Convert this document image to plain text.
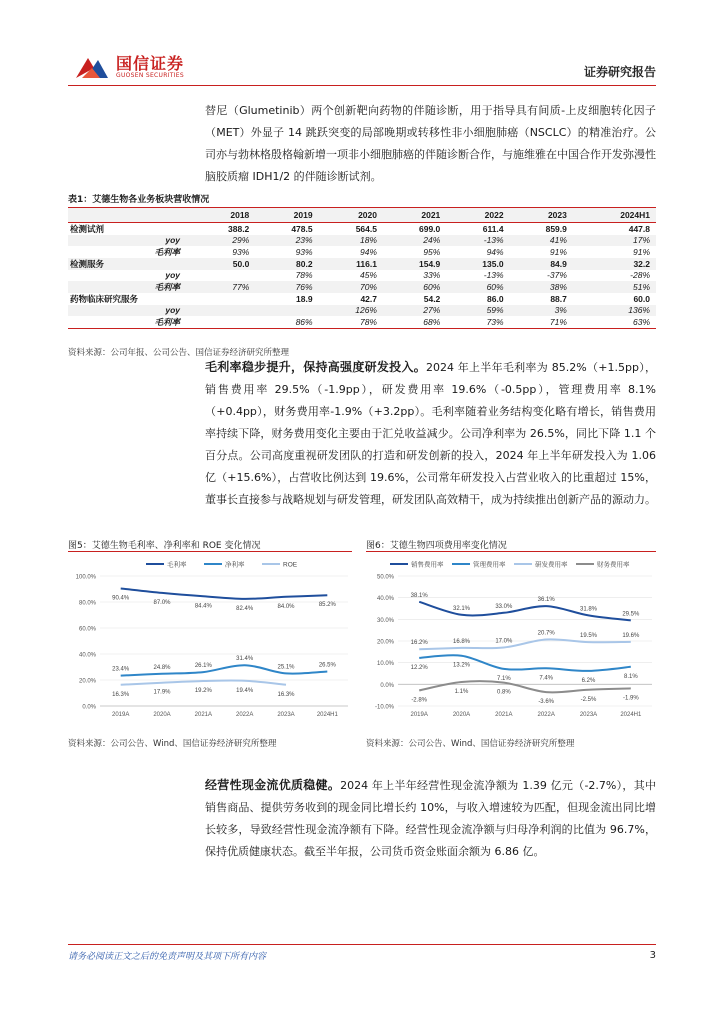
国信证券
GUOSEN SECURITIES	证券研究报告
替尼（Glumetinib）两个创新靶向药物的伴随诊断，用于指导具有间质-上皮细胞转化因子（MET）外显子 14 跳跃突变的局部晚期或转移性非小细胞肺癌（NSCLC）的精准治疗。公司亦与勃林格殷格翰新增一项非小细胞肺癌的伴随诊断合作，与施维雅在中国合作开发弥漫性脑胶质瘤 IDH1/2 的伴随诊断试剂。
表1：艾德生物各业务板块营收情况
	2018	2019	2020	2021	2022	2023	2024H1
检测试剂	388.2	478.5	564.5	699.0	611.4	859.9	447.8
yoy	29%	23%	18%	24%	-13%	41%	17%
毛利率	93%	93%	94%	95%	94%	91%	91%
检测服务	50.0	80.2	116.1	154.9	135.0	84.9	32.2
yoy		78%	45%	33%	-13%	-37%	-28%
毛利率	77%	76%	70%	60%	60%	38%	51%
药物临床研究服务		18.9	42.7	54.2	86.0	88.7	60.0
yoy			126%	27%	59%	3%	136%
毛利率		86%	78%	68%	73%	71%	63%
资料来源：公司年报、公司公告、国信证券经济研究所整理
毛利率稳步提升，保持高强度研发投入。2024 年上半年毛利率为 85.2%（+1.5pp），销售费用率 29.5%（-1.9pp），研发费用率 19.6%（-0.5pp），管理费用率 8.1%（+0.4pp），财务费用率-1.9%（+3.2pp）。毛利率随着业务结构变化略有增长，销售费用率持续下降，财务费用变化主要由于汇兑收益减少。公司净利率为 26.5%，同比下降 1.1 个百分点。公司高度重视研发团队的打造和研发创新的投入，2024 年上半年研发投入为 1.06 亿（+15.6%），占营收比例达到 19.6%，公司常年研发投入占营业收入的比重超过 15%，董事长直接参与战略规划与研发管理，研发团队高效精干，成为持续推出创新产品的源动力。
图5：艾德生物毛利率、净利率和 ROE 变化情况
0.0%
20.0%
40.0%
60.0%
80.0%
100.0%
2019A	2020A	2021A	2022A	2023A	2024H1
毛利率	净利率	ROE
90.4%
87.0%
84.4%	82.4%	84.0%	85.2%
23.4%	24.8%	26.1%
31.4%
25.1%	26.5%
16.3%	17.9%	19.2%	19.4%
16.3%
资料来源：公司公告、Wind、国信证券经济研究所整理
图6：艾德生物四项费用率变化情况
-10.0%
0.0%
10.0%
20.0%
30.0%
40.0%
50.0%
2019A	2020A	2021A	2022A	2023A	2024H1
销售费用率	管理费用率	研发费用率	财务费用率
38.1%
32.1%	33.0%
36.1%
31.8%
29.5%
12.2%	13.2%
7.1%	7.4%	6.2%
8.1%
16.2%	16.8%	17.0%
20.7%	19.5%	19.6%
-2.8%
1.1%	0.8%
-3.6%	-2.5%	-1.9%
资料来源：公司公告、Wind、国信证券经济研究所整理
经营性现金流优质稳健。2024 年上半年经营性现金流净额为 1.39 亿元（-2.7%），其中销售商品、提供劳务收到的现金同比增长约 10%，与收入增速较为匹配，但现金流出同比增长较多，导致经营性现金流净额有下降。经营性现金流净额与归母净利润的比值为 96.7%，保持优质健康状态。截至半年报，公司货币资金账面余额为 6.86 亿。
请务必阅读正文之后的免责声明及其项下所有内容	3
